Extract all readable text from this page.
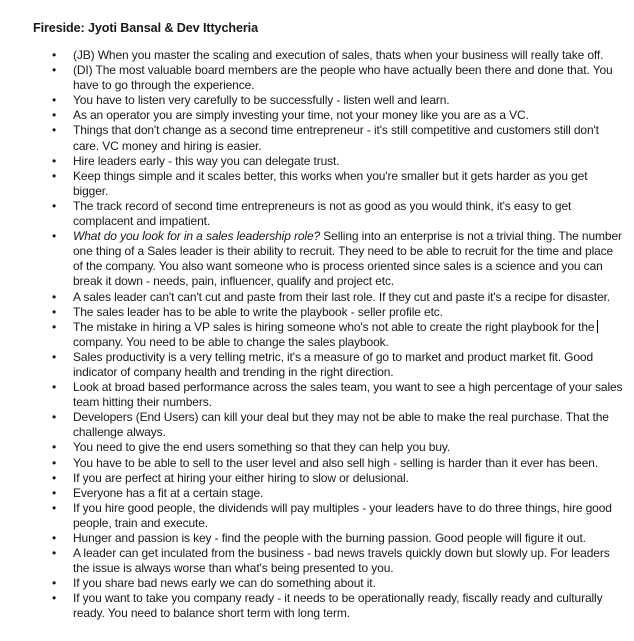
Fireside: Jyoti Bansal & Dev Ittycheria
•	(JB) When you master the scaling and execution of sales, thats when your business will really take off.
•	(DI) The most valuable board members are the people who have actually been there and done that. You have to go through the experience.
•	You have to listen very carefully to be successfully - listen well and learn.
•	As an operator you are simply investing your time, not your money like you are as a VC.
•	Things that don't change as a second time entrepreneur - it's still competitive and customers still don't care. VC money and hiring is easier.
•	Hire leaders early - this way you can delegate trust.
•	Keep things simple and it scales better, this works when you're smaller but it gets harder as you get bigger.
•	The track record of second time entrepreneurs is not as good as you would think, it's easy to get complacent and impatient.
•	What do you look for in a sales leadership role? Selling into an enterprise is not a trivial thing. The number one thing of a Sales leader is their ability to recruit. They need to be able to recruit for the time and place of the company. You also want someone who is process oriented since sales is a science and you can break it down - needs, pain, influencer, qualify and project etc.
•	A sales leader can't can't cut and paste from their last role. If they cut and paste it's a recipe for disaster.
•	The sales leader has to be able to write the playbook - seller profile etc.
•	The mistake in hiring a VP sales is hiring someone who's not able to create the right playbook for the company. You need to be able to change the sales playbook.
•	Sales productivity is a very telling metric, it's a measure of go to market and product market fit. Good indicator of company health and trending in the right direction.
•	Look at broad based performance across the sales team, you want to see a high percentage of your sales team hitting their numbers.
•	Developers (End Users) can kill your deal but they may not be able to make the real purchase. That the challenge always.
•	You need to give the end users something so that they can help you buy.
•	You have to be able to sell to the user level and also sell high - selling is harder than it ever has been.
•	If you are perfect at hiring your either hiring to slow or delusional.
•	Everyone has a fit at a certain stage.
•	If you hire good people, the dividends will pay multiples - your leaders have to do three things, hire good people, train and execute.
•	Hunger and passion is key - find the people with the burning passion. Good people will figure it out.
•	A leader can get inculated from the business - bad news travels quickly down but slowly up. For leaders the issue is always worse than what's being presented to you.
•	If you share bad news early we can do something about it.
•	If you want to take you company ready - it needs to be operationally ready, fiscally ready and culturally ready. You need to balance short term with long term.
